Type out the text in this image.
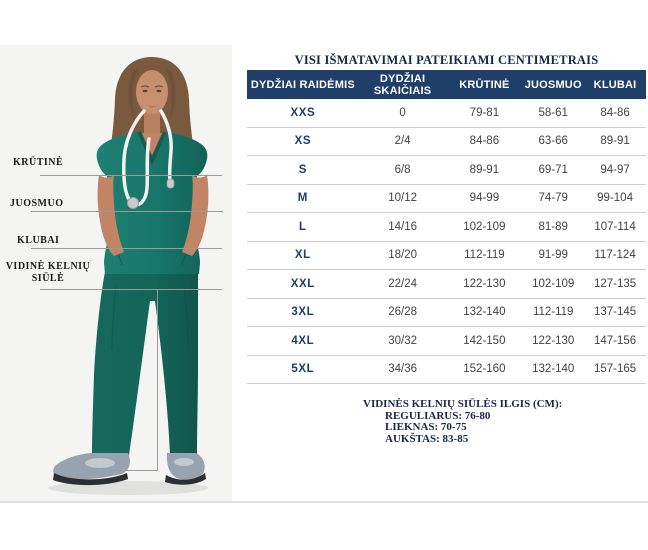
KRŪTINĖ
JUOSMUO
KLUBAI
VIDINĖ KELNIŲ
SIŪLĖ
VISI IŠMATAVIMAI PATEIKIAMI CENTIMETRAIS
DYDŽIAI RAIDĖMIS	DYDŽIAI SKAIČIAIS	KRŪTINĖ	JUOSMUO	KLUBAI
XXS	0	79-81	58-61	84-86
XS	2/4	84-86	63-66	89-91
S	6/8	89-91	69-71	94-97
M	10/12	94-99	74-79	99-104
L	14/16	102-109	81-89	107-114
XL	18/20	112-119	91-99	117-124
XXL	22/24	122-130	102-109	127-135
3XL	26/28	132-140	112-119	137-145
4XL	30/32	142-150	122-130	147-156
5XL	34/36	152-160	132-140	157-165
VIDINĖS KELNIŲ SIŪLĖS ILGIS (CM):
REGULIARUS: 76-80
LIEKNAS: 70-75
AUKŠTAS: 83-85
